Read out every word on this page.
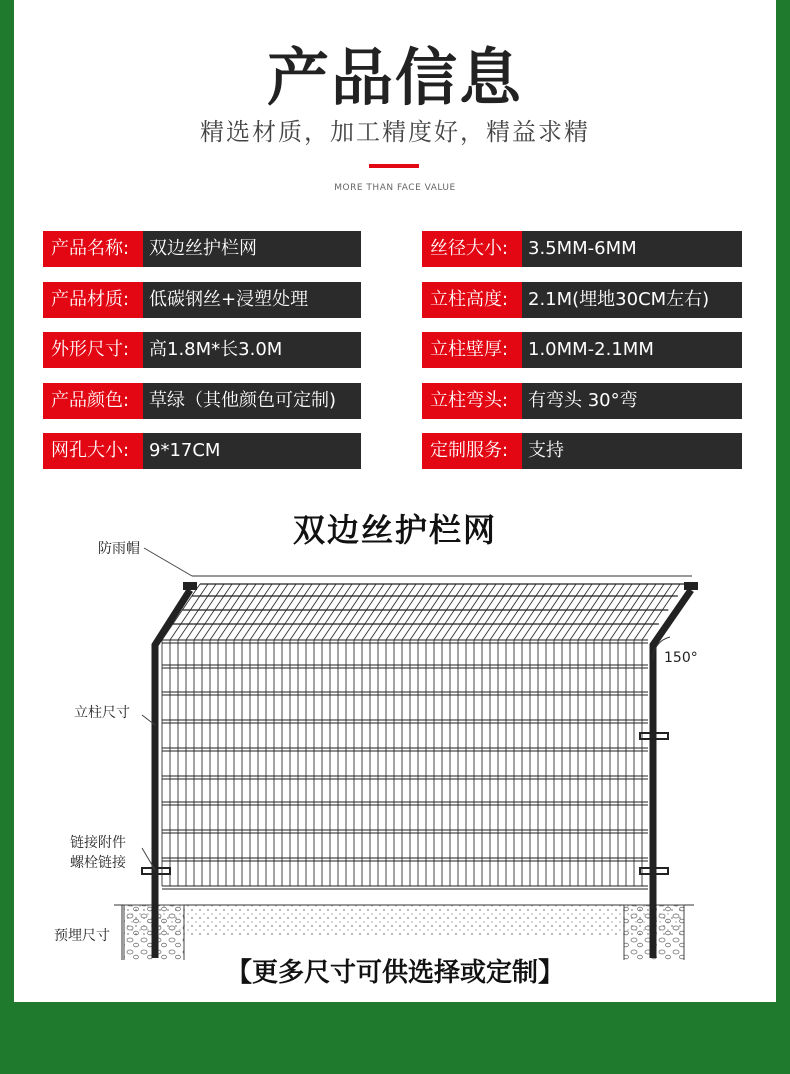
产品信息
精选材质，加工精度好，精益求精
MORE THAN FACE VALUE
产品名称:	双边丝护栏网
产品材质:	低碳钢丝+浸塑处理
外形尺寸:	高1.8M*长3.0M
产品颜色:	草绿（其他颜色可定制)
网孔大小:	9*17CM
丝径大小:	3.5MM-6MM
立柱高度:	2.1M(埋地30CM左右)
立柱壁厚:	1.0MM-2.1MM
立柱弯头:	有弯头 30°弯
定制服务:	支持
双边丝护栏网
防雨帽
150°
立柱尺寸
链接附件
螺栓链接
预埋尺寸
【更多尺寸可供选择或定制】
